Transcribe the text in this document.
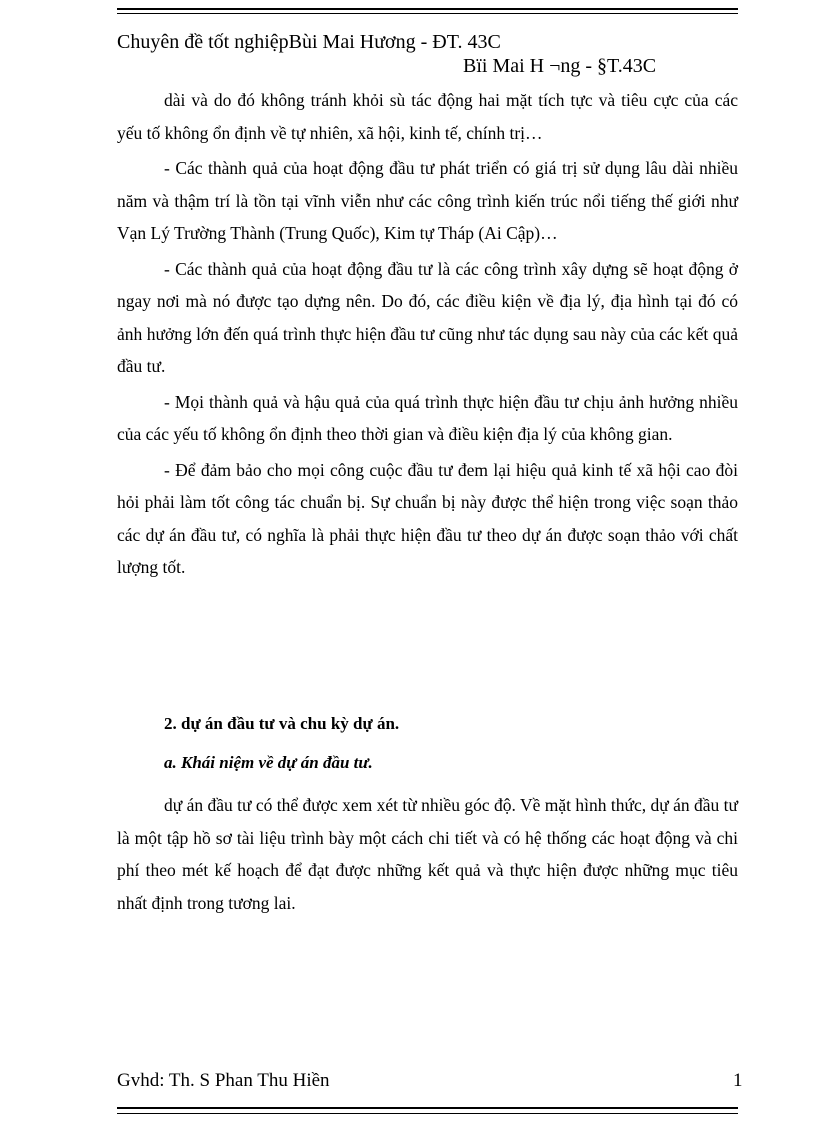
Chuyên đề tốt nghiệpBùi Mai Hương - ĐT. 43C
Bïi Mai H ¬ng - §T.43C

dài và do đó không tránh khỏi sù tác động hai mặt tích tực và tiêu cực của các yếu tố không ổn định về tự nhiên, xã hội, kinh tế, chính trị…

- Các thành quả của hoạt động đầu tư phát triển có giá trị sử dụng lâu dài nhiều năm và thậm trí là tồn tại vĩnh viễn như các công trình kiến trúc nổi tiếng thế giới như Vạn Lý Trường Thành (Trung Quốc), Kim tự Tháp (Ai Cập)…

- Các thành quả của hoạt động đầu tư là các công trình xây dựng sẽ hoạt động ở ngay nơi mà nó được tạo dựng nên. Do đó, các điều kiện về địa lý, địa hình tại đó có ảnh hưởng lớn đến quá trình thực hiện đầu tư cũng như tác dụng sau này của các kết quả đầu tư.

- Mọi thành quả và hậu quả của quá trình thực hiện đầu tư chịu ảnh hưởng nhiều của các yếu tố không ổn định theo thời gian và điều kiện địa lý của không gian.

- Để đảm bảo cho mọi công cuộc đầu tư đem lại hiệu quả kinh tế xã hội cao đòi hỏi phải làm tốt công tác chuẩn bị. Sự chuẩn bị này được thể hiện trong việc soạn thảo các dự án đầu tư, có nghĩa là phải thực hiện đầu tư theo dự án được soạn thảo với chất lượng tốt.

2. dự án đầu tư và chu kỳ dự án.
a. Khái niệm về dự án đầu tư.

dự án đầu tư có thể được xem xét từ nhiều góc độ. Về mặt hình thức, dự án đầu tư là một tập hồ sơ tài liệu trình bày một cách chi tiết và có hệ thống các hoạt động và chi phí theo mét kế hoạch để đạt được những kết quả và thực hiện được những mục tiêu nhất định trong tương lai.

Gvhd: Th. S Phan Thu Hiền	1
